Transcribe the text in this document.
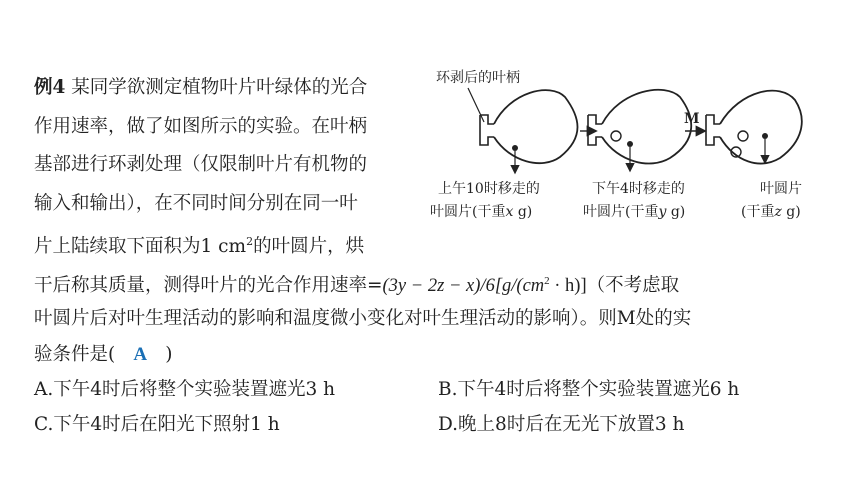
例4 某同学欲测定植物叶片叶绿体的光合
作用速率，做了如图所示的实验。在叶柄
基部进行环剥处理（仅限制叶片有机物的
输入和输出），在不同时间分别在同一叶
片上陆续取下面积为1 $cm^2$的叶圆片，烘
干后称其质量，测得叶片的光合作用速率$=(3y - 2z - x)/6[g/(cm^2 \cdot h)]$（不考虑取
叶圆片后对叶生理活动的影响和温度微小变化对叶生理活动的影响）。则M处的实
验条件是( A )
A.下午4时后将整个实验装置遮光3 h	B.下午4时后将整个实验装置遮光6 h
C.下午4时后在阳光下照射1 h	D.晚上8时后在无光下放置3 h
环剥后的叶柄
M
上午10时移走的
叶圆片(干重x g)
下午4时移走的
叶圆片(干重y g)
叶圆片
(干重z g)
